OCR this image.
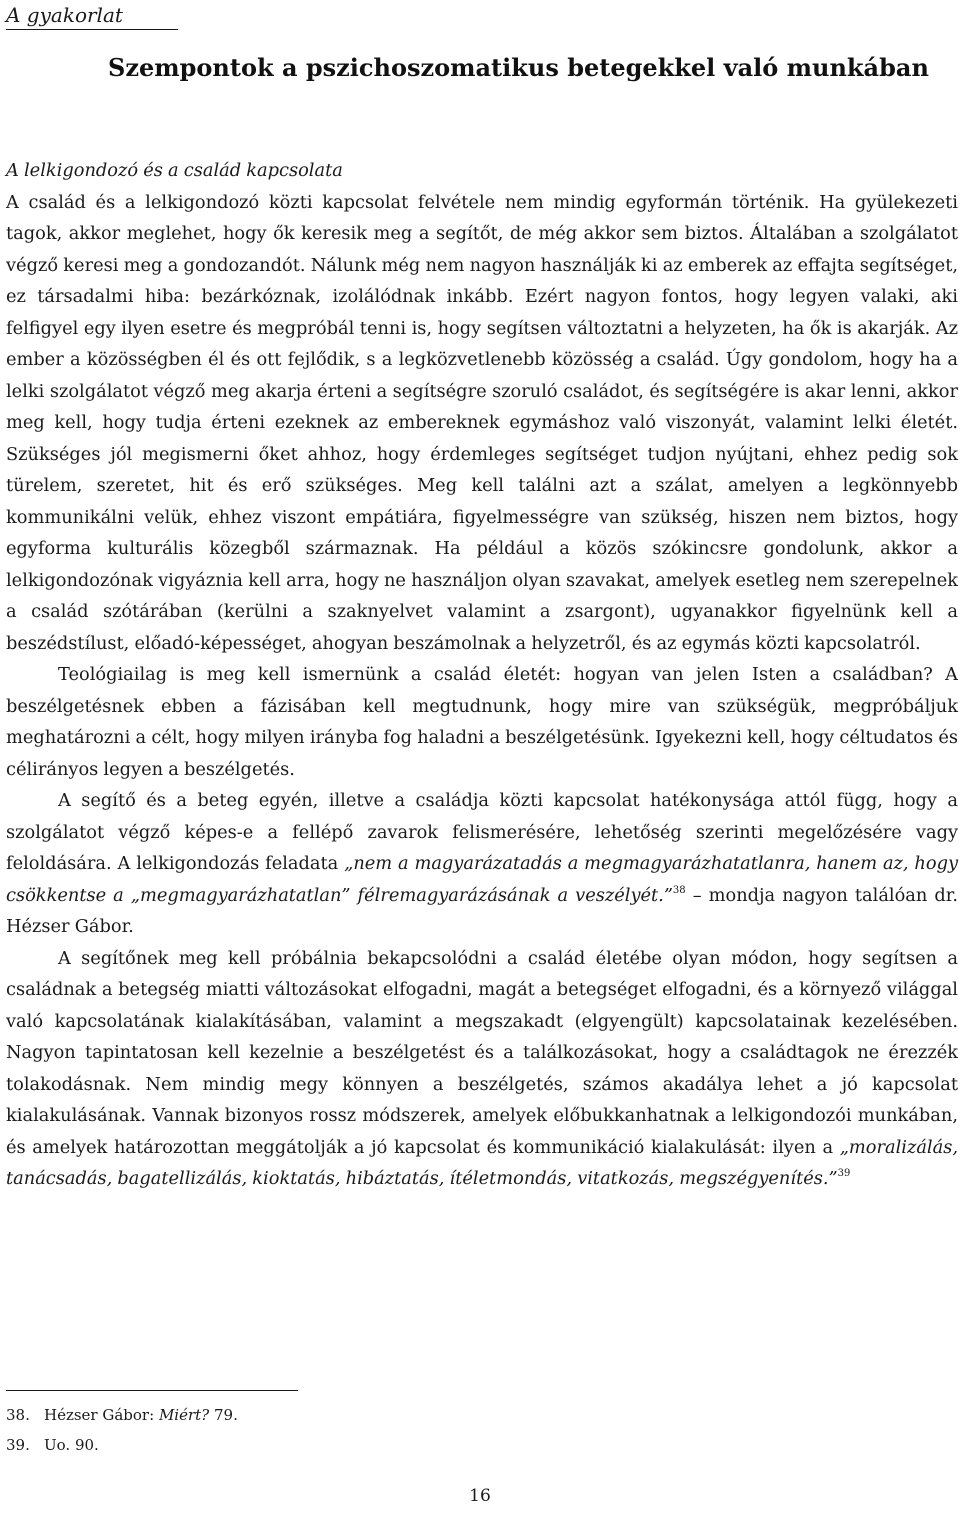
A gyakorlat
Szempontok a pszichoszomatikus betegekkel való munkában
A lelkigondozó és a család kapcsolata

A család és a lelkigondozó közti kapcsolat felvétele nem mindig egyformán történik. Ha gyülekezeti tagok, akkor meglehet, hogy ők keresik meg a segítőt, de még akkor sem biztos. Általában a szolgálatot végző keresi meg a gondozandót. Nálunk még nem nagyon használják ki az emberek az effajta segítséget, ez társadalmi hiba: bezárkóznak, izolálódnak inkább. Ezért nagyon fontos, hogy legyen valaki, aki felfigyel egy ilyen esetre és megpróbál tenni is, hogy segítsen változtatni a helyzeten, ha ők is akarják. Az ember a közösségben él és ott fejlődik, s a legközvetlenebb közösség a család. Úgy gondolom, hogy ha a lelki szolgálatot végző meg akarja érteni a segítségre szoruló családot, és segítségére is akar lenni, akkor meg kell, hogy tudja érteni ezeknek az embereknek egymáshoz való viszonyát, valamint lelki életét. Szükséges jól megismerni őket ahhoz, hogy érdemleges segítséget tudjon nyújtani, ehhez pedig sok türelem, szeretet, hit és erő szükséges. Meg kell találni azt a szálat, amelyen a legkönnyebb kommunikálni velük, ehhez viszont empátiára, figyelmességre van szükség, hiszen nem biztos, hogy egyforma kulturális közegből származnak. Ha például a közös szókincsre gondolunk, akkor a lelkigondozónak vigyáznia kell arra, hogy ne használjon olyan szavakat, amelyek esetleg nem szerepelnek a család szótárában (kerülni a szaknyelvet valamint a zsargont), ugyanakkor figyelnünk kell a beszédstílust, előadó-képességet, ahogyan beszámolnak a helyzetről, és az egymás közti kapcsolatról.

Teológiailag is meg kell ismernünk a család életét: hogyan van jelen Isten a családban? A beszélgetésnek ebben a fázisában kell megtudnunk, hogy mire van szükségük, megpróbáljuk meghatározni a célt, hogy milyen irányba fog haladni a beszélgetésünk. Igyekezni kell, hogy céltudatos és célirányos legyen a beszélgetés.

A segítő és a beteg egyén, illetve a családja közti kapcsolat hatékonysága attól függ, hogy a szolgálatot végző képes-e a fellépő zavarok felismerésére, lehetőség szerinti megelőzésére vagy feloldására. A lelkigondozás feladata „nem a magyarázatadás a megmagyarázhatatlanra, hanem az, hogy csökkentse a „megmagyarázhatatlan” félremagyarázásának a veszélyét.”$^{38}$ – mondja nagyon találóan dr. Hézser Gábor.

A segítőnek meg kell próbálnia bekapcsolódni a család életébe olyan módon, hogy segítsen a családnak a betegség miatti változásokat elfogadni, magát a betegséget elfogadni, és a környező világgal való kapcsolatának kialakításában, valamint a megszakadt (elgyengült) kapcsolatainak kezelésében. Nagyon tapintatosan kell kezelnie a beszélgetést és a találkozásokat, hogy a családtagok ne érezzék tolakodásnak. Nem mindig megy könnyen a beszélgetés, számos akadálya lehet a jó kapcsolat kialakulásának. Vannak bizonyos rossz módszerek, amelyek előbukkanhatnak a lelkigondozói munkában, és amelyek határozottan meggátolják a jó kapcsolat és kommunikáció kialakulását: ilyen a „moralizálás, tanácsadás, bagatellizálás, kioktatás, hibáztatás, ítéletmondás, vitatkozás, megszégyenítés.”$^{39}$

38. Hézser Gábor: Miért? 79.
39. Uo. 90.
16
